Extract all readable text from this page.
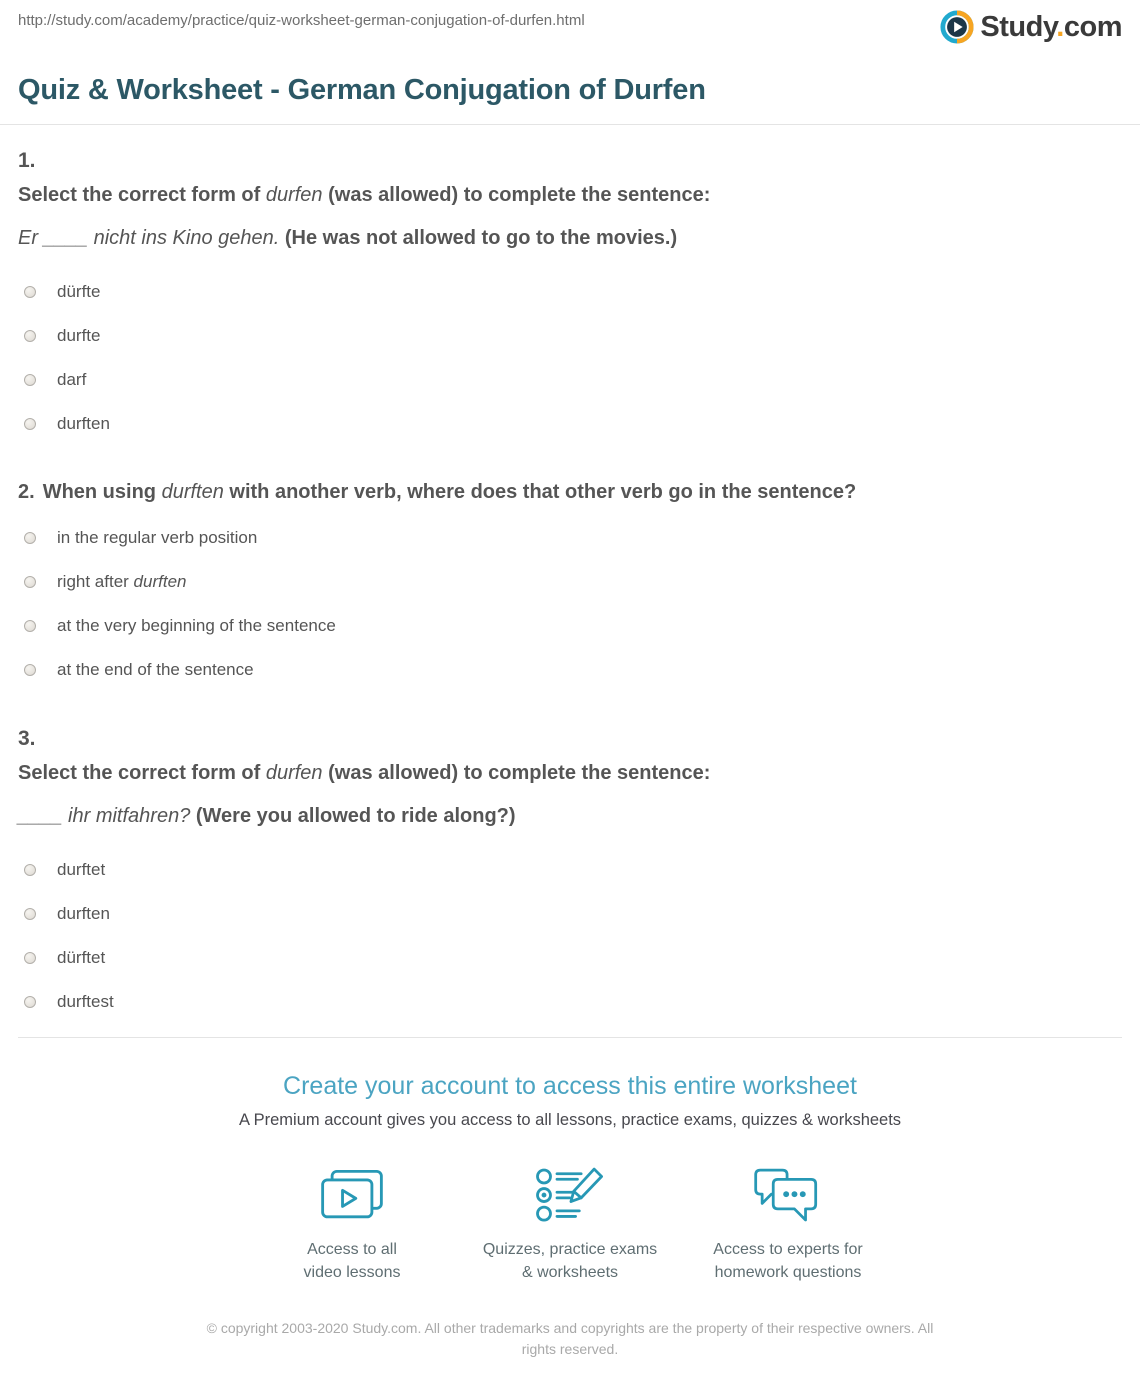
http://study.com/academy/practice/quiz-worksheet-german-conjugation-of-durfen.html	Study.com
Quiz & Worksheet - German Conjugation of Durfen
1.
Select the correct form of durfen (was allowed) to complete the sentence:

Er ____ nicht ins Kino gehen. (He was not allowed to go to the movies.)

dürfte
durfte
darf
durften
2. When using durften with another verb, where does that other verb go in the sentence?
in the regular verb position
right after durften
at the very beginning of the sentence
at the end of the sentence
3.
Select the correct form of durfen (was allowed) to complete the sentence:

____ ihr mitfahren? (Were you allowed to ride along?)

durftet
durften
dürftet
durftest
Create your account to access this entire worksheet
A Premium account gives you access to all lessons, practice exams, quizzes & worksheets
Access to all
video lessons
Quizzes, practice exams
& worksheets
Access to experts for
homework questions
© copyright 2003-2020 Study.com. All other trademarks and copyrights are the property of their respective owners. All rights reserved.
